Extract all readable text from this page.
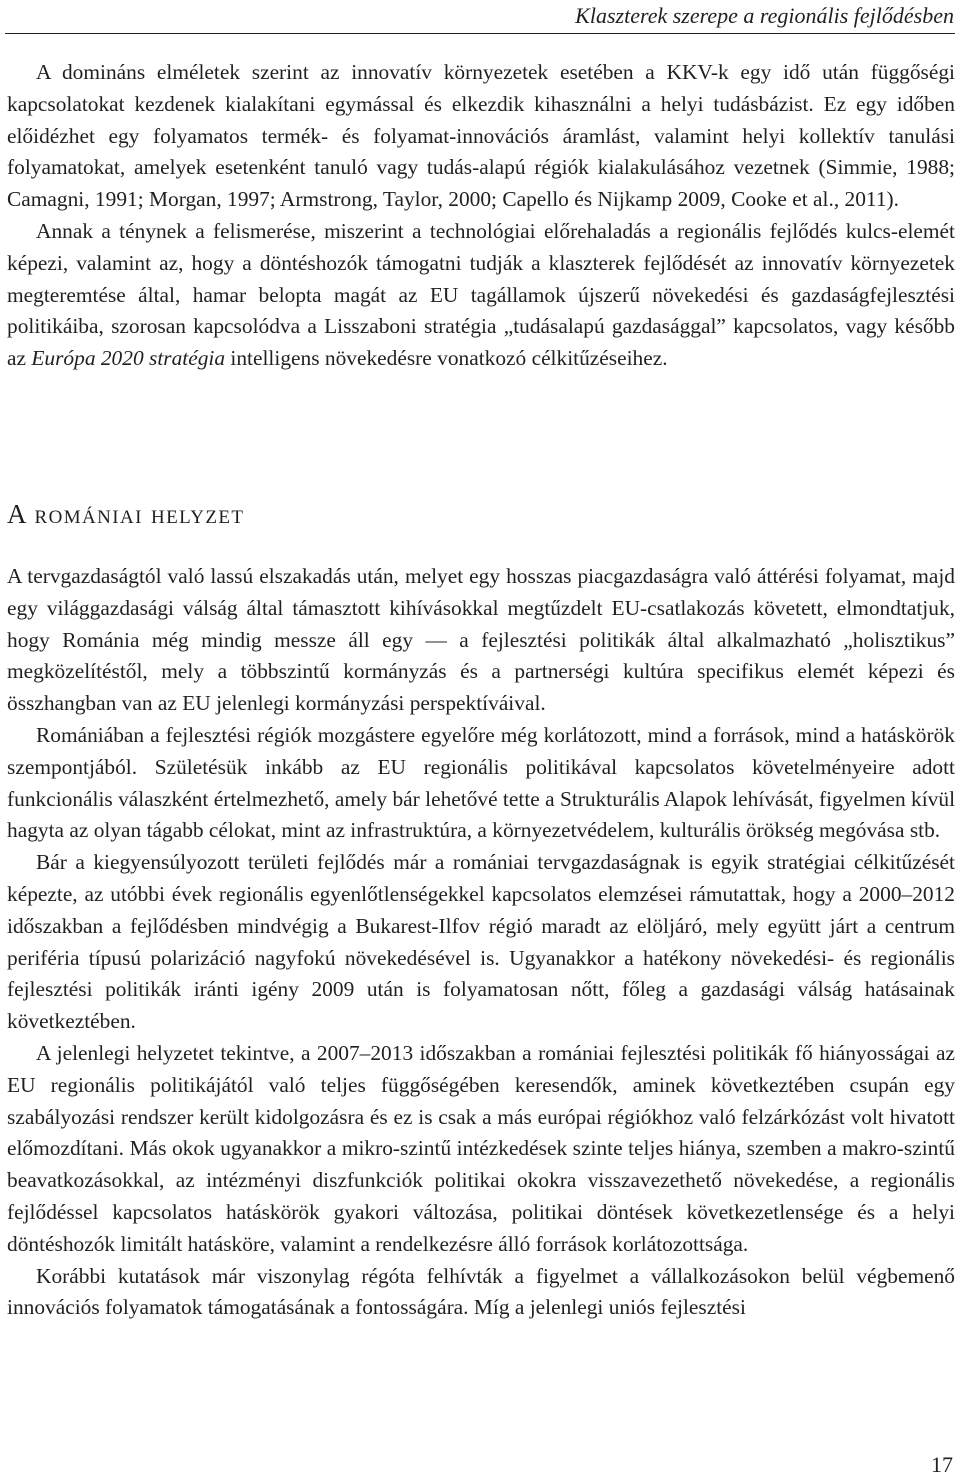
Klaszterek szerepe a regionális fejlődésben

A domináns elméletek szerint az innovatív környezetek esetében a KKV-k egy idő után függőségi kapcsolatokat kezdenek kialakítani egymással és elkezdik kihasználni a helyi tudásbázist. Ez egy időben előidézhet egy folyamatos termék- és folyamat-innovációs áramlást, valamint helyi kollektív tanulási folyamatokat, amelyek esetenként tanuló vagy tudás-alapú régiók kialakulásához vezetnek (Simmie, 1988; Camagni, 1991; Morgan, 1997; Armstrong, Taylor, 2000; Capello és Nijkamp 2009, Cooke et al., 2011).

Annak a ténynek a felismerése, miszerint a technológiai előrehaladás a regionális fejlődés kulcs-elemét képezi, valamint az, hogy a döntéshozók támogatni tudják a klaszterek fejlődését az innovatív környezetek megteremtése által, hamar belopta magát az EU tagállamok újszerű növekedési és gazdaságfejlesztési politikáiba, szorosan kapcsolódva a Lisszaboni stratégia „tudásalapú gazdasággal” kapcsolatos, vagy később az Európa 2020 stratégia intelligens növekedésre vonatkozó célkitűzéseihez.

A romániai helyzet

A tervgazdaságtól való lassú elszakadás után, melyet egy hosszas piacgazdaságra való áttérési folyamat, majd egy világgazdasági válság által támasztott kihívásokkal megtűzdelt EU-csatlakozás követett, elmondtatjuk, hogy Románia még mindig messze áll egy — a fejlesztési politikák által alkalmazható „holisztikus” megközelítéstől, mely a többszintű kormányzás és a partnerségi kultúra specifikus elemét képezi és összhangban van az EU jelenlegi kormányzási perspektíváival.

Romániában a fejlesztési régiók mozgástere egyelőre még korlátozott, mind a források, mind a hatáskörök szempontjából. Születésük inkább az EU regionális politikával kapcsolatos követelményeire adott funkcionális válaszként értelmezhető, amely bár lehetővé tette a Strukturális Alapok lehívását, figyelmen kívül hagyta az olyan tágabb célokat, mint az infrastruktúra, a környezetvédelem, kulturális örökség megóvása stb.

Bár a kiegyensúlyozott területi fejlődés már a romániai tervgazdaságnak is egyik stratégiai célkitűzését képezte, az utóbbi évek regionális egyenlőtlenségekkel kapcsolatos elemzései rámutattak, hogy a 2000–2012 időszakban a fejlődésben mindvégig a Bukarest-Ilfov régió maradt az elöljáró, mely együtt járt a centrum periféria típusú polarizáció nagyfokú növekedésével is. Ugyanakkor a hatékony növekedési- és regionális fejlesztési politikák iránti igény 2009 után is folyamatosan nőtt, főleg a gazdasági válság hatásainak következtében.

A jelenlegi helyzetet tekintve, a 2007–2013 időszakban a romániai fejlesztési politikák fő hiányosságai az EU regionális politikájától való teljes függőségében keresendők, aminek következtében csupán egy szabályozási rendszer került kidolgozásra és ez is csak a más európai régiókhoz való felzárkózást volt hivatott előmozdítani. Más okok ugyanakkor a mikro-szintű intézkedések szinte teljes hiánya, szemben a makro-szintű beavatkozásokkal, az intézményi diszfunkciók politikai okokra visszavezethető növekedése, a regionális fejlődéssel kapcsolatos hatáskörök gyakori változása, politikai döntések következetlensége és a helyi döntéshozók limitált hatásköre, valamint a rendelkezésre álló források korlátozottsága.

Korábbi kutatások már viszonylag régóta felhívták a figyelmet a vállalkozásokon belül végbemenő innovációs folyamatok támogatásának a fontosságára. Míg a jelenlegi uniós fejlesztési

17
